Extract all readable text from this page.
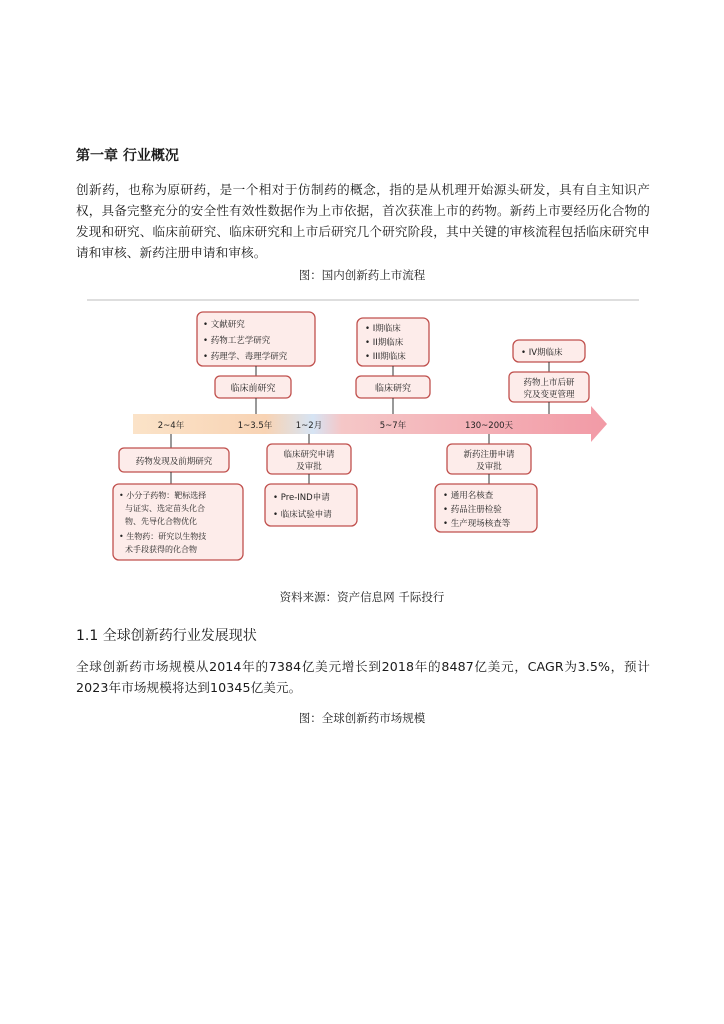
第一章 行业概况
创新药，也称为原研药，是一个相对于仿制药的概念，指的是从机理开始源头研发，具有自主知识产权，具备完整充分的安全性有效性数据作为上市依据，首次获准上市的药物。新药上市要经历化合物的发现和研究、临床前研究、临床研究和上市后研究几个研究阶段，其中关键的审核流程包括临床研究申请和审核、新药注册申请和审核。
图：国内创新药上市流程
• 文献研究
• 药物工艺学研究
• 药理学、毒理学研究
临床前研究
• I期临床
• II期临床
• III期临床
临床研究
• IV期临床
药物上市后研
究及变更管理
2~4年	1~3.5年	1~2月	5~7年	130~200天
药物发现及前期研究
• 小分子药物：靶标选择
与证实、选定苗头化合
物、先导化合物优化
• 生物药：研究以生物技
术手段获得的化合物
临床研究申请
及审批
• Pre-IND申请
• 临床试验申请
新药注册申请
及审批
• 通用名核查
• 药品注册检验
• 生产现场核查等
资料来源：资产信息网 千际投行
1.1 全球创新药行业发展现状
全球创新药市场规模从2014年的7384亿美元增长到2018年的8487亿美元，CAGR为3.5%，预计2023年市场规模将达到10345亿美元。
图：全球创新药市场规模
